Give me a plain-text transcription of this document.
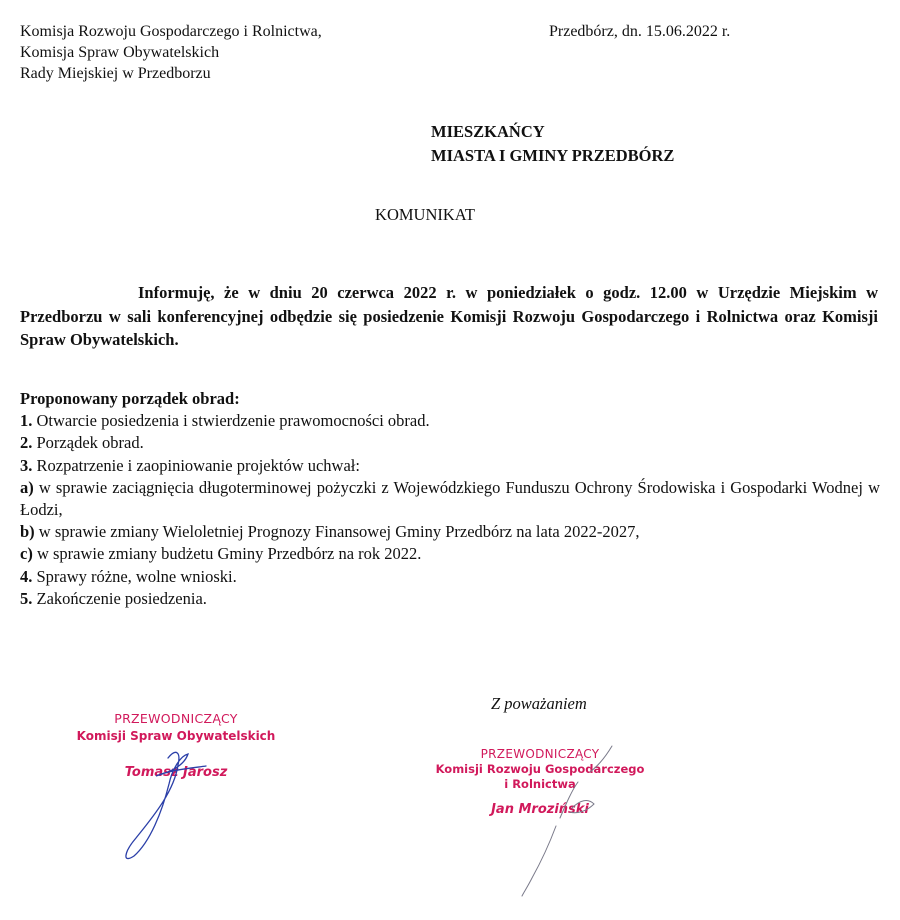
Komisja Rozwoju Gospodarczego i Rolnictwa,
Komisja Spraw Obywatelskich
Rady Miejskiej w Przedborzu
Przedbórz, dn. 15.06.2022 r.
MIESZKAŃCY
MIASTA I GMINY PRZEDBÓRZ
KOMUNIKAT
Informuję, że w dniu 20 czerwca 2022 r. w poniedziałek o godz. 12.00 w Urzędzie Miejskim w Przedborzu w sali konferencyjnej odbędzie się posiedzenie Komisji Rozwoju Gospodarczego i Rolnictwa oraz Komisji Spraw Obywatelskich.
Proponowany porządek obrad:
1. Otwarcie posiedzenia i stwierdzenie prawomocności obrad.
2. Porządek obrad.
3. Rozpatrzenie i zaopiniowanie projektów uchwał:
a) w sprawie zaciągnięcia długoterminowej pożyczki z Wojewódzkiego Funduszu Ochrony Środowiska i Gospodarki Wodnej w Łodzi,
b) w sprawie zmiany Wieloletniej Prognozy Finansowej Gminy Przedbórz na lata 2022-2027,
c) w sprawie zmiany budżetu Gminy Przedbórz na rok 2022.
4. Sprawy różne, wolne wnioski.
5. Zakończenie posiedzenia.
Z poważaniem
PRZEWODNICZĄCY
Komisji Spraw Obywatelskich
Tomasz Jarosz
PRZEWODNICZĄCY
Komisji Rozwoju Gospodarczego
i Rolnictwa
Jan Mroziński
